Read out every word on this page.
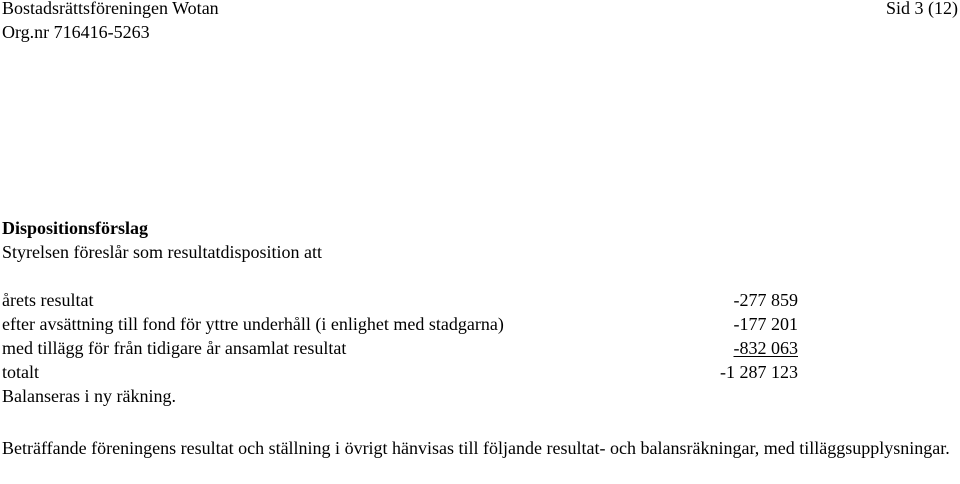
Bostadsrättsföreningen Wotan
Org.nr 716416-5263
Sid 3 (12)
Dispositionsförslag
Styrelsen föreslår som resultatdisposition att
årets resultat	-277 859
efter avsättning till fond för yttre underhåll (i enlighet med stadgarna)	-177 201
med tillägg för från tidigare år ansamlat resultat	-832 063
totalt	-1 287 123
Balanseras i ny räkning.
Beträffande föreningens resultat och ställning i övrigt hänvisas till följande resultat- och balansräkningar, med tilläggsupplysningar.
